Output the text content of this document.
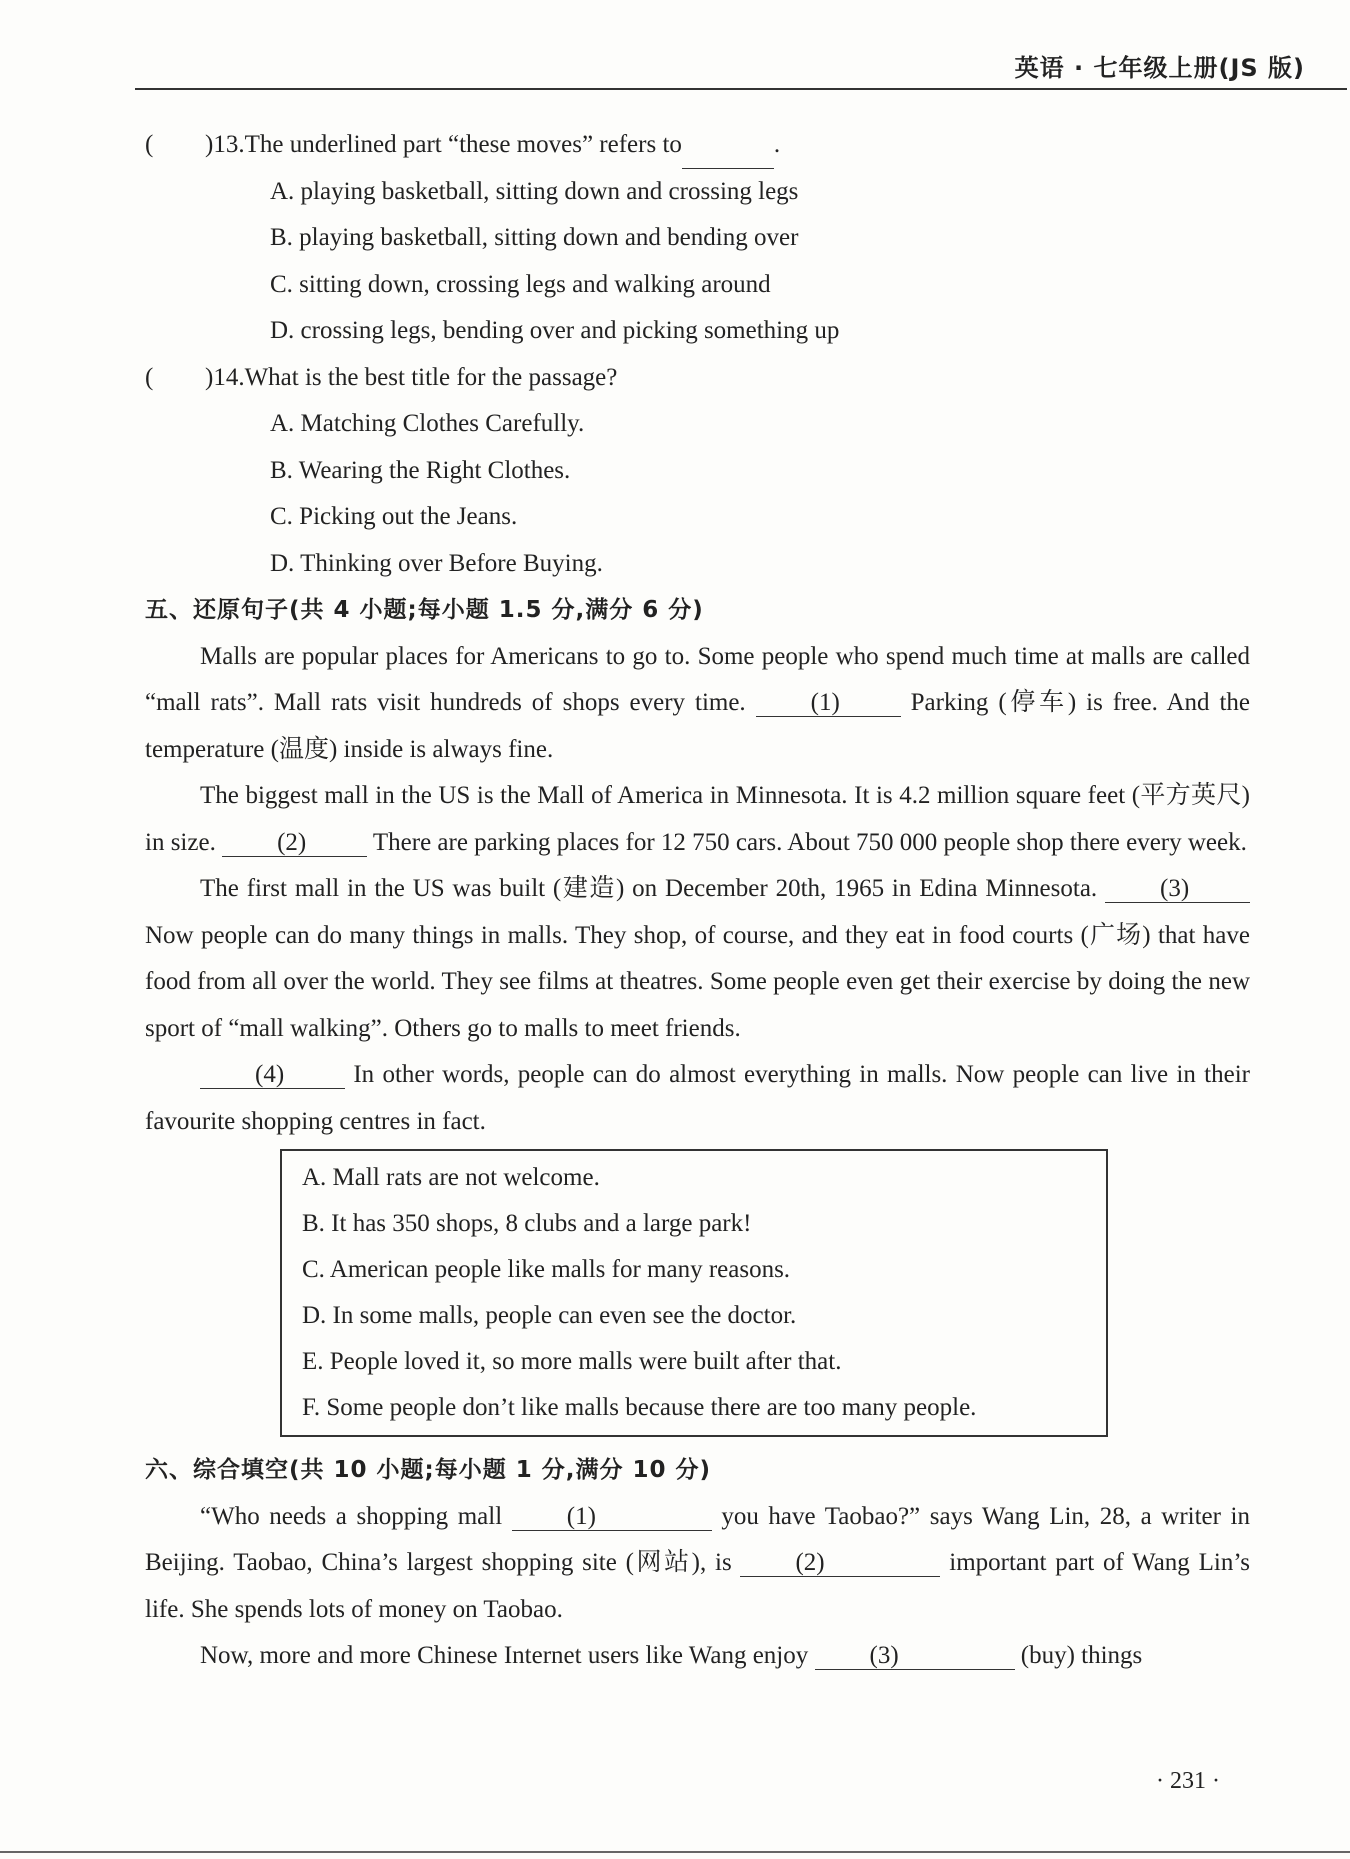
英语 · 七年级上册(JS 版)
(	)13. The underlined part “these moves” refers to	.
A. playing basketball, sitting down and crossing legs
B. playing basketball, sitting down and bending over
C. sitting down, crossing legs and walking around
D. crossing legs, bending over and picking something up
(	)14. What is the best title for the passage?
A. Matching Clothes Carefully.
B. Wearing the Right Clothes.
C. Picking out the Jeans.
D. Thinking over Before Buying.
五、还原句子(共 4 小题;每小题 1.5 分,满分 6 分)

Malls are popular places for Americans to go to. Some people who spend much time at malls are called “mall rats”. Mall rats visit hundreds of shops every time. (1) Parking (停车) is free. And the temperature (温度) inside is always fine.

The biggest mall in the US is the Mall of America in Minnesota. It is 4.2 million square feet (平方英尺) in size. (2) There are parking places for 12 750 cars. About 750 000 people shop there every week.

The first mall in the US was built (建造) on December 20th, 1965 in Edina Minnesota. (3) Now people can do many things in malls. They shop, of course, and they eat in food courts (广场) that have food from all over the world. They see films at theatres. Some people even get their exercise by doing the new sport of “mall walking”. Others go to malls to meet friends.

(4) In other words, people can do almost everything in malls. Now people can live in their favourite shopping centres in fact.

A. Mall rats are not welcome.
B. It has 350 shops, 8 clubs and a large park!
C. American people like malls for many reasons.
D. In some malls, people can even see the doctor.
E. People loved it, so more malls were built after that.
F. Some people don’t like malls because there are too many people.
六、综合填空(共 10 小题;每小题 1 分,满分 10 分)

“Who needs a shopping mall (1)	you have Taobao?” says Wang Lin, 28, a writer in Beijing. Taobao, China’s largest shopping site (网站), is (2)	important part of Wang Lin’s life. She spends lots of money on Taobao.

Now, more and more Chinese Internet users like Wang enjoy (3)	(buy) things

· 231 ·
